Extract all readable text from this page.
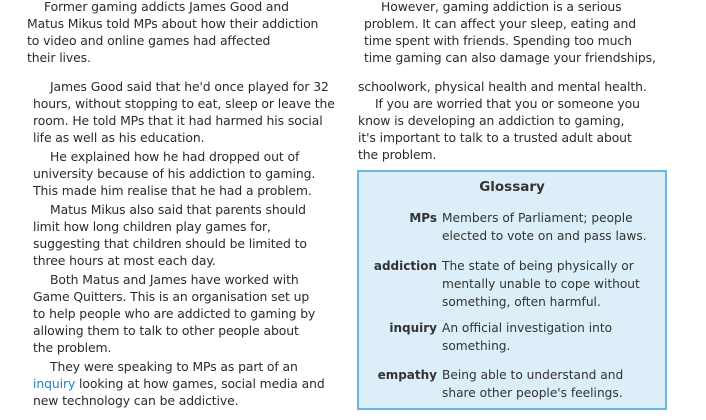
Former gaming addicts James Good and
Matus Mikus told MPs about how their addiction
to video and online games had affected
their lives.
James Good said that he'd once played for 32
hours, without stopping to eat, sleep or leave the
room. He told MPs that it had harmed his social
life as well as his education.
He explained how he had dropped out of
university because of his addiction to gaming.
This made him realise that he had a problem.
Matus Mikus also said that parents should
limit how long children play games for,
suggesting that children should be limited to
three hours at most each day.
Both Matus and James have worked with
Game Quitters. This is an organisation set up
to help people who are addicted to gaming by
allowing them to talk to other people about
the problem.
They were speaking to MPs as part of an
inquiry looking at how games, social media and
new technology can be addictive.
However, gaming addiction is a serious
problem. It can affect your sleep, eating and
time spent with friends. Spending too much
time gaming can also damage your friendships,
schoolwork, physical health and mental health.
If you are worried that you or someone you
know is developing an addiction to gaming,
it's important to talk to a trusted adult about
the problem.
Glossary
MPs Members of Parliament; people
elected to vote on and pass laws.
addiction The state of being physically or
mentally unable to cope without
something, often harmful.
inquiry An official investigation into
something.
empathy Being able to understand and
share other people's feelings.
